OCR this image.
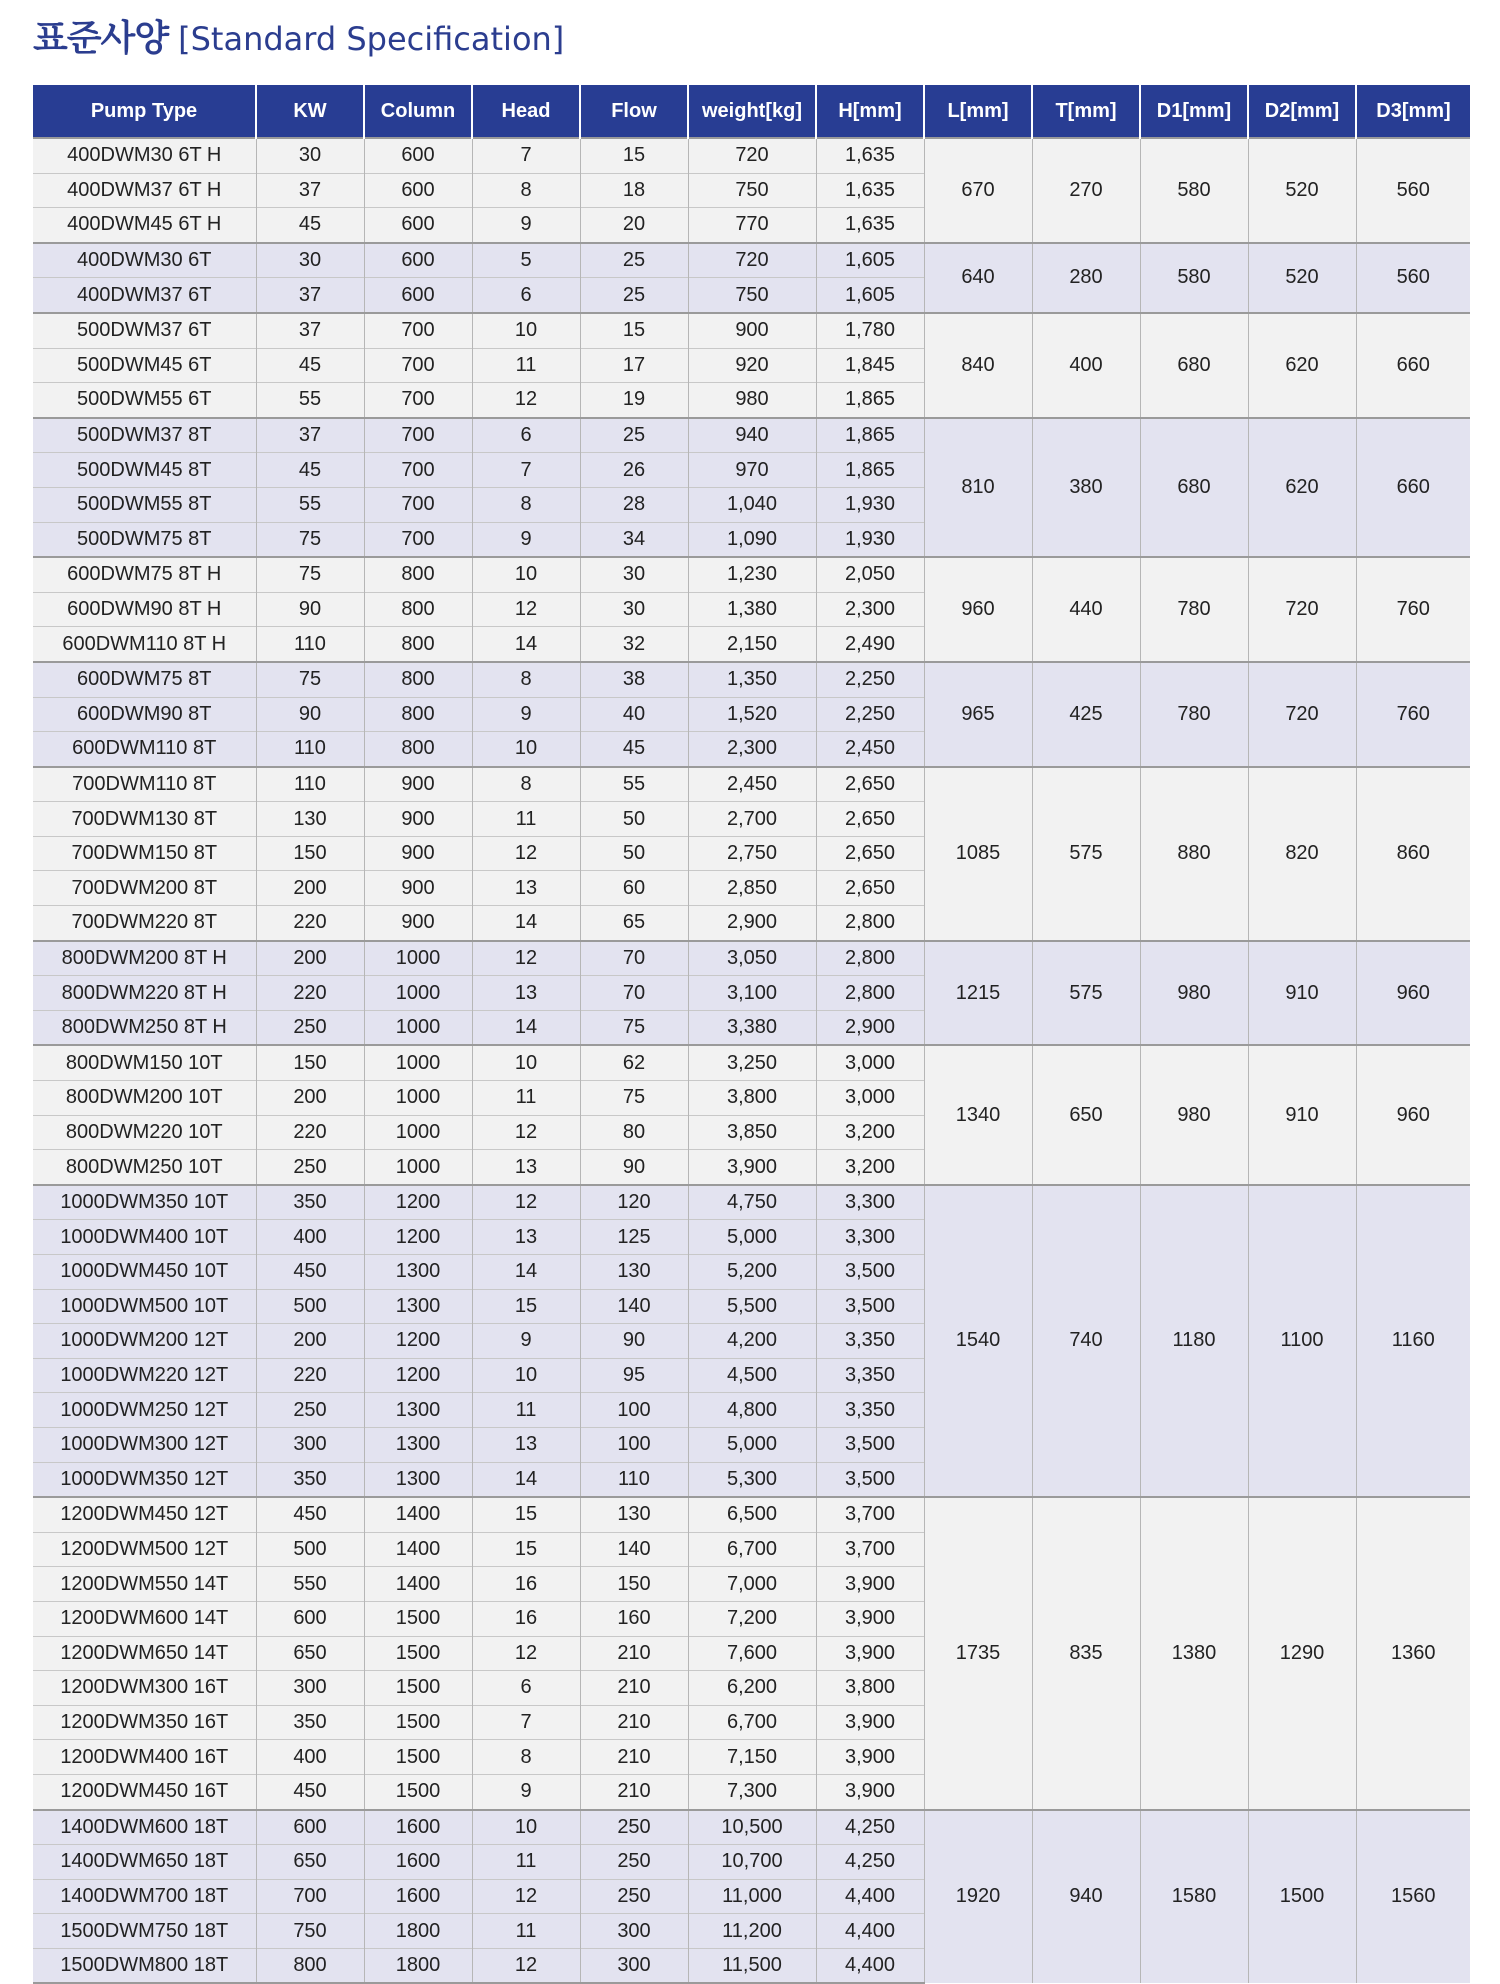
표준사양 [Standard Specification]
Pump Type	KW	Column	Head	Flow	weight[kg]	H[mm]	L[mm]	T[mm]	D1[mm]	D2[mm]	D3[mm]
400DWM30 6T H	30	600	7	15	720	1,635	670	270	580	520	560
400DWM37 6T H	37	600	8	18	750	1,635					
400DWM45 6T H	45	600	9	20	770	1,635					
400DWM30 6T	30	600	5	25	720	1,605	640	280	580	520	560
400DWM37 6T	37	600	6	25	750	1,605					
500DWM37 6T	37	700	10	15	900	1,780	840	400	680	620	660
500DWM45 6T	45	700	11	17	920	1,845					
500DWM55 6T	55	700	12	19	980	1,865					
500DWM37 8T	37	700	6	25	940	1,865	810	380	680	620	660
500DWM45 8T	45	700	7	26	970	1,865					
500DWM55 8T	55	700	8	28	1,040	1,930					
500DWM75 8T	75	700	9	34	1,090	1,930					
600DWM75 8T H	75	800	10	30	1,230	2,050	960	440	780	720	760
600DWM90 8T H	90	800	12	30	1,380	2,300					
600DWM110 8T H	110	800	14	32	2,150	2,490					
600DWM75 8T	75	800	8	38	1,350	2,250	965	425	780	720	760
600DWM90 8T	90	800	9	40	1,520	2,250					
600DWM110 8T	110	800	10	45	2,300	2,450					
700DWM110 8T	110	900	8	55	2,450	2,650	1085	575	880	820	860
700DWM130 8T	130	900	11	50	2,700	2,650					
700DWM150 8T	150	900	12	50	2,750	2,650					
700DWM200 8T	200	900	13	60	2,850	2,650					
700DWM220 8T	220	900	14	65	2,900	2,800					
800DWM200 8T H	200	1000	12	70	3,050	2,800	1215	575	980	910	960
800DWM220 8T H	220	1000	13	70	3,100	2,800					
800DWM250 8T H	250	1000	14	75	3,380	2,900					
800DWM150 10T	150	1000	10	62	3,250	3,000	1340	650	980	910	960
800DWM200 10T	200	1000	11	75	3,800	3,000					
800DWM220 10T	220	1000	12	80	3,850	3,200					
800DWM250 10T	250	1000	13	90	3,900	3,200					
1000DWM350 10T	350	1200	12	120	4,750	3,300	1540	740	1180	1100	1160
1000DWM400 10T	400	1200	13	125	5,000	3,300					
1000DWM450 10T	450	1300	14	130	5,200	3,500					
1000DWM500 10T	500	1300	15	140	5,500	3,500					
1000DWM200 12T	200	1200	9	90	4,200	3,350					
1000DWM220 12T	220	1200	10	95	4,500	3,350					
1000DWM250 12T	250	1300	11	100	4,800	3,350					
1000DWM300 12T	300	1300	13	100	5,000	3,500					
1000DWM350 12T	350	1300	14	110	5,300	3,500					
1200DWM450 12T	450	1400	15	130	6,500	3,700	1735	835	1380	1290	1360
1200DWM500 12T	500	1400	15	140	6,700	3,700					
1200DWM550 14T	550	1400	16	150	7,000	3,900					
1200DWM600 14T	600	1500	16	160	7,200	3,900					
1200DWM650 14T	650	1500	12	210	7,600	3,900					
1200DWM300 16T	300	1500	6	210	6,200	3,800					
1200DWM350 16T	350	1500	7	210	6,700	3,900					
1200DWM400 16T	400	1500	8	210	7,150	3,900					
1200DWM450 16T	450	1500	9	210	7,300	3,900					
1400DWM600 18T	600	1600	10	250	10,500	4,250	1920	940	1580	1500	1560
1400DWM650 18T	650	1600	11	250	10,700	4,250					
1400DWM700 18T	700	1600	12	250	11,000	4,400					
1500DWM750 18T	750	1800	11	300	11,200	4,400					
1500DWM800 18T	800	1800	12	300	11,500	4,400					
